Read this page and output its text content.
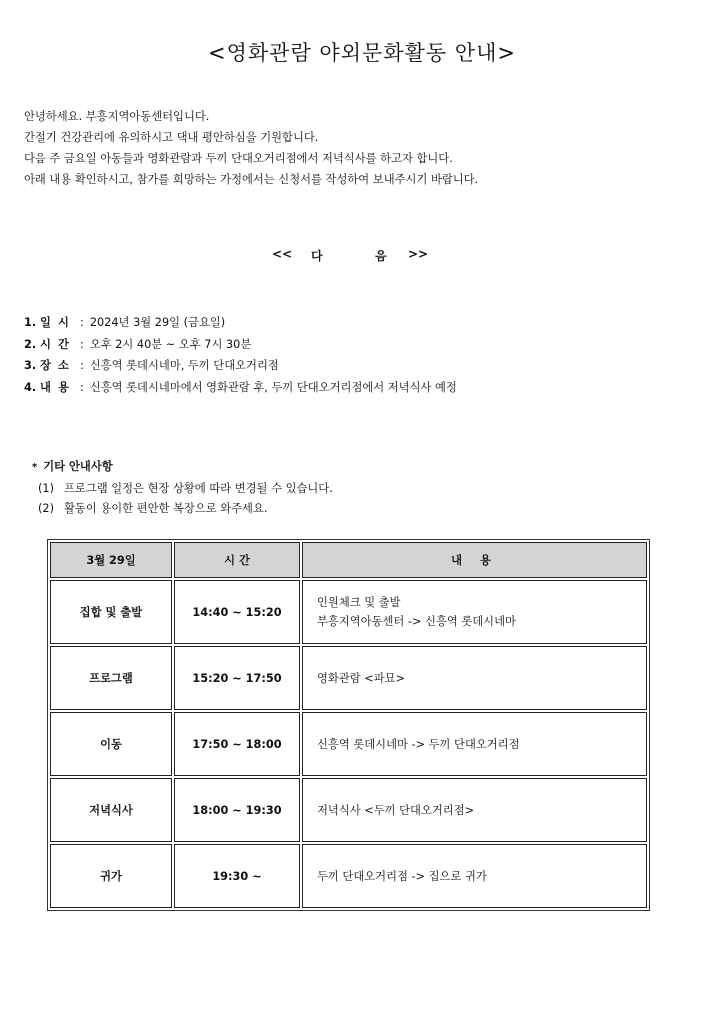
<영화관람 야외문화활동 안내>
안녕하세요. 부흥지역아동센터입니다.
간절기 건강관리에 유의하시고 댁내 평안하심을 기원합니다.
다음 주 금요일 아동들과 영화관람과 두끼 단대오거리점에서 저녁식사를 하고자 합니다.
아래 내용 확인하시고, 참가를 희망하는 가정에서는 신청서를 작성하여 보내주시기 바랍니다.
<< 다	음 >>
1. 일 시 : 2024년 3월 29일 (금요일)
2. 시 간 : 오후 2시 40분 ~ 오후 7시 30분
3. 장 소 : 신흥역 롯데시네마, 두끼 단대오거리점
4. 내 용 : 신흥역 롯데시네마에서 영화관람 후, 두끼 단대오거리점에서 저녁식사 예정
* 기타 안내사항
(1) 프로그램 일정은 현장 상황에 따라 변경될 수 있습니다.
(2) 활동이 용이한 편안한 복장으로 와주세요.
3월 29일	시 간	내 용
집합 및 출발	14:40 ~ 15:20	인원체크 및 출발
부흥지역아동센터 -> 신흥역 롯데시네마

프로그램	15:20 ~ 17:50	영화관람 <파묘>

이동	17:50 ~ 18:00	신흥역 롯데시네마 -> 두끼 단대오거리점

저녁식사	18:00 ~ 19:30	저녁식사 <두끼 단대오거리점>

귀가	19:30 ~	두끼 단대오거리점 -> 집으로 귀가
